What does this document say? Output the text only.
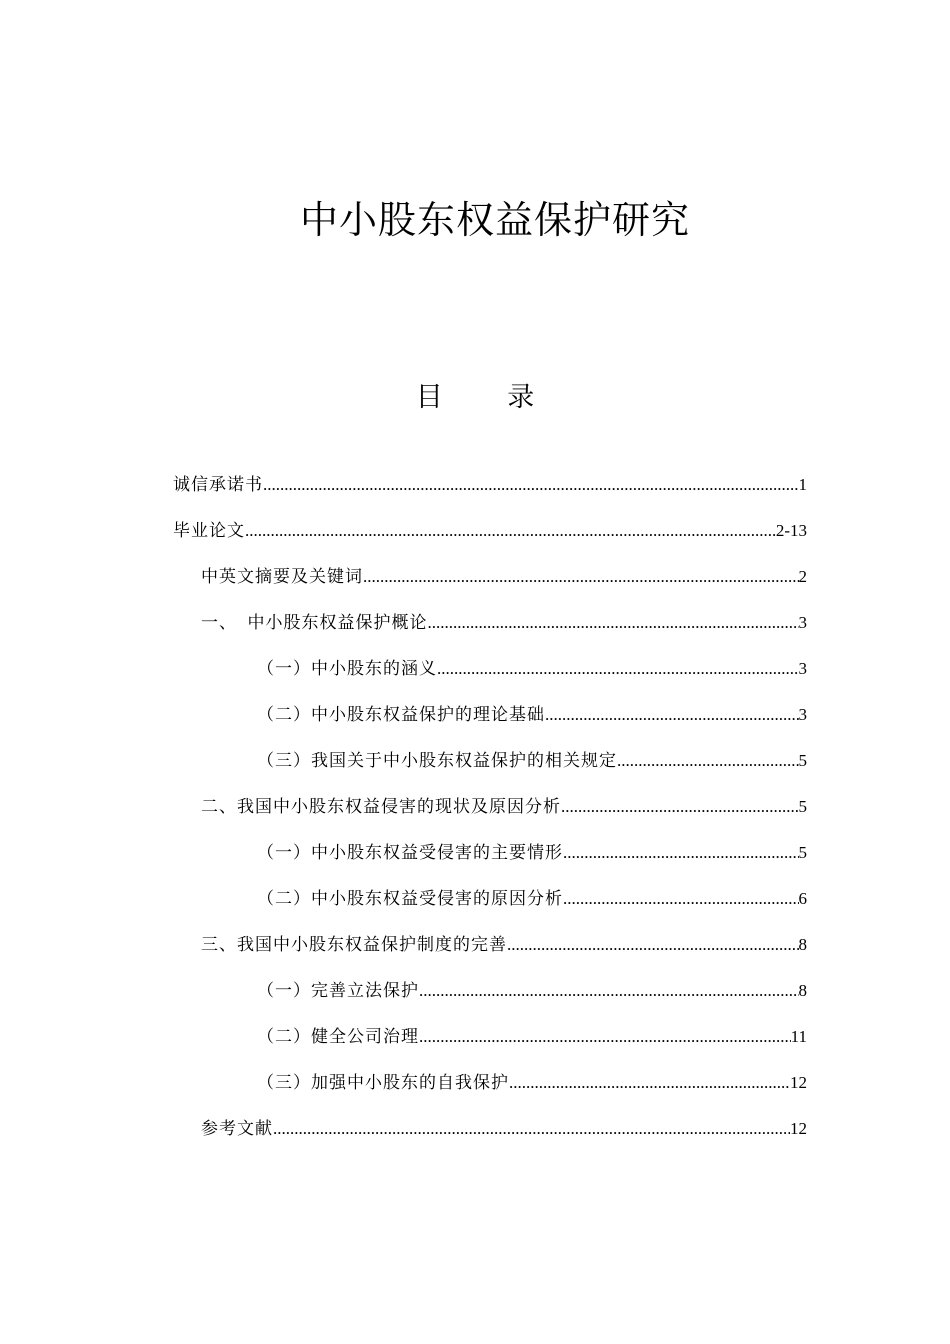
中小股东权益保护研究
目 录
诚信承诺书 .....	1
毕业论文 .....	2-13
中英文摘要及关键词 .....	2
一、  中小股东权益保护概论 .....	3
（一）中小股东的涵义 .....	3
（二）中小股东权益保护的理论基础 .....	3
（三）我国关于中小股东权益保护的相关规定 .....	5
二、我国中小股东权益侵害的现状及原因分析 .....	5
（一）中小股东权益受侵害的主要情形 .....	5
（二）中小股东权益受侵害的原因分析 .....	6
三、我国中小股东权益保护制度的完善 .....	8
（一）完善立法保护 .....	8
（二）健全公司治理 .....	11
（三）加强中小股东的自我保护 .....	12
参考文献 .....	12
